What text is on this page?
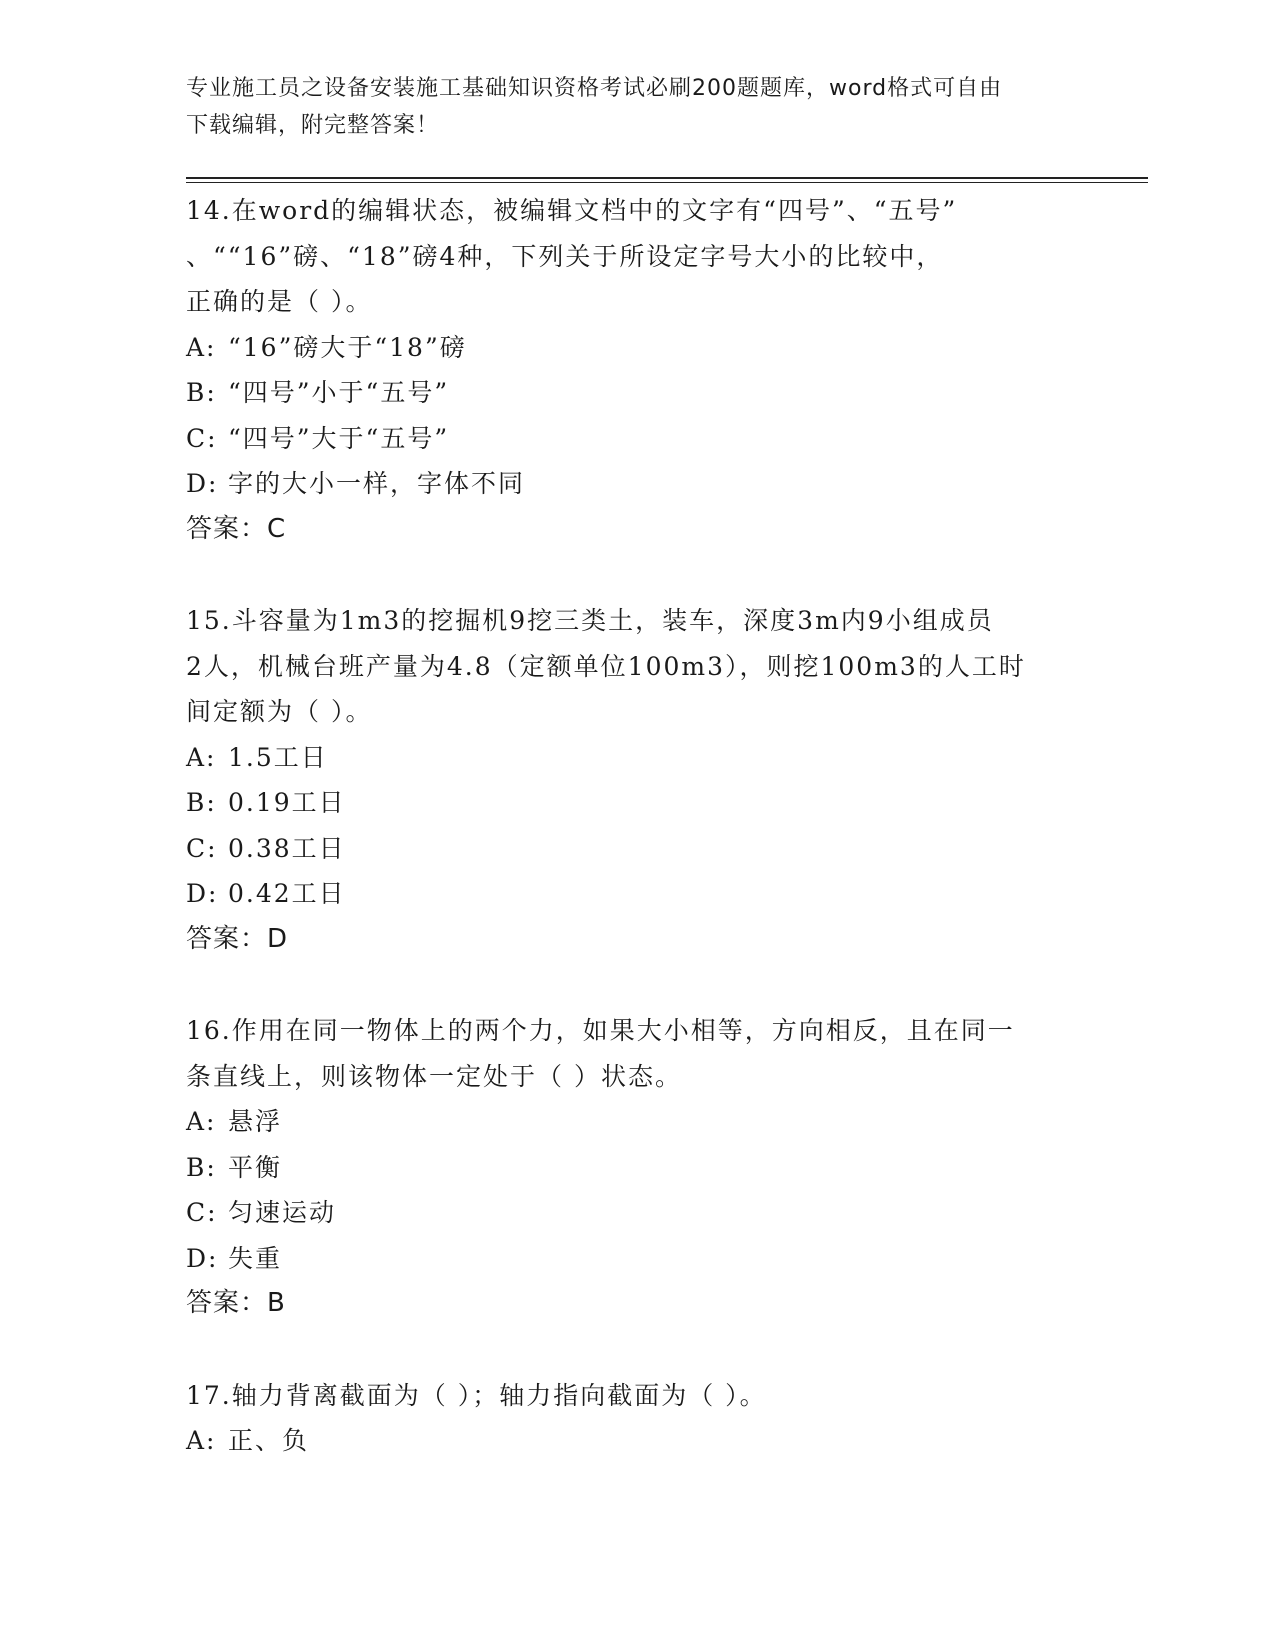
专业施工员之设备安装施工基础知识资格考试必刷200题题库，word格式可自由
下载编辑，附完整答案！
14.在word的编辑状态，被编辑文档中的文字有“四号”、“五号”
、““16”磅、“18”磅4种，下列关于所设定字号大小的比较中，
正确的是（ ）。
A: “16”磅大于“18”磅
B: “四号”小于“五号”
C: “四号”大于“五号”
D: 字的大小一样，字体不同
答案：C
15.斗容量为1m3的挖掘机9挖三类土，装车，深度3m内9小组成员
2人，机械台班产量为4.8（定额单位100m3），则挖100m3的人工时
间定额为（ ）。
A: 1.5工日
B: 0.19工日
C: 0.38工日
D: 0.42工日
答案：D
16.作用在同一物体上的两个力，如果大小相等，方向相反，且在同一
条直线上，则该物体一定处于（ ）状态。
A: 悬浮
B: 平衡
C: 匀速运动
D: 失重
答案：B
17.轴力背离截面为（ ）；轴力指向截面为（ ）。
A: 正、负
